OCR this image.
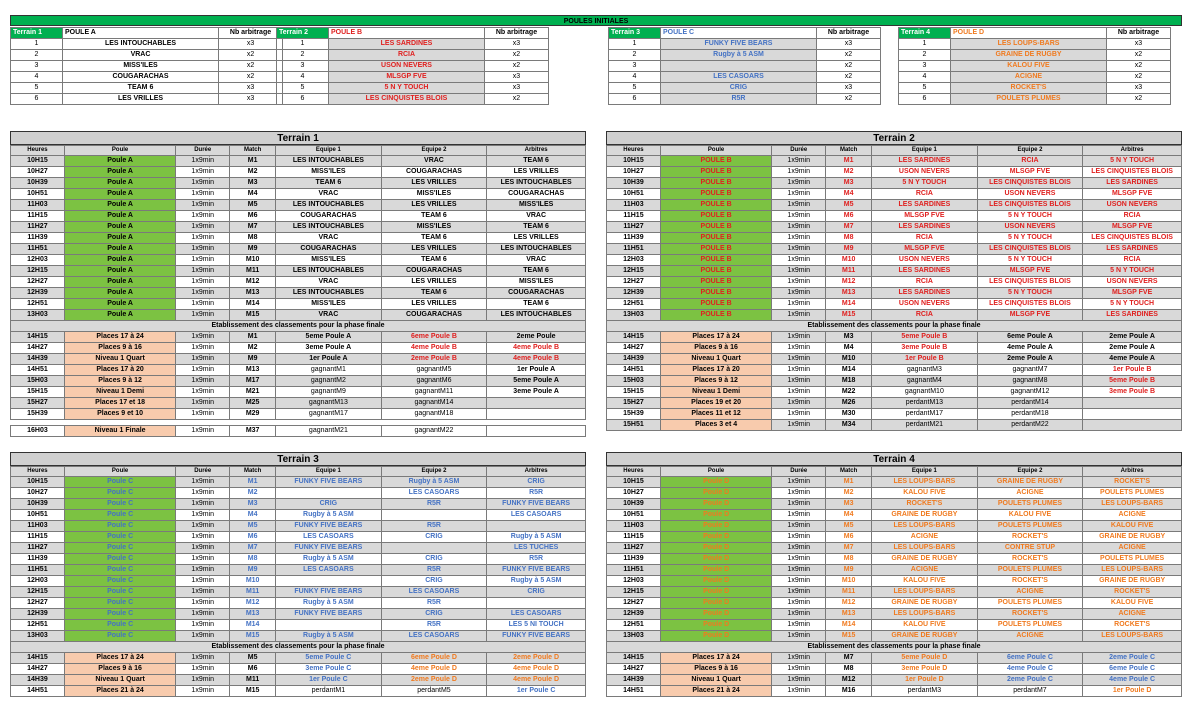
POULES INITIALES
Terrain 1	POULE A	Nb arbitrage
1	LES INTOUCHABLES	x3
2	VRAC	x2
3	MISS'ILES	x2
4	COUGARACHAS	x2
5	TEAM 6	x3
6	LES VRILLES	x3
Terrain 2	POULE B	Nb arbitrage
1	LES SARDINES	x3
2	RCIA	x2
3	USON NEVERS	x2
4	MLSGP FVE	x3
5	5 N Y TOUCH	x3
6	LES CINQUISTES BLOIS	x2
Terrain 3	POULE C	Nb arbitrage
1	FUNKY FIVE BEARS	x3
2	Rugby à 5 ASM	x2
3		x2
4	LES CASOARS	x2
5	CRIG	x3
6	R5R	x2
Terrain 4	POULE D	Nb arbitrage
1	LES LOUPS-BARS	x3
2	GRAINE DE RUGBY	x2
3	KALOU FIVE	x2
4	ACIGNE	x2
5	ROCKET'S	x3
6	POULETS PLUMES	x2
Terrain 1
Heures	Poule	Durée	Match	Equipe 1	Equipe 2	Arbitres
10H15	Poule A	1x9min	M1	LES INTOUCHABLES	VRAC	TEAM 6
10H27	Poule A	1x9min	M2	MISS'ILES	COUGARACHAS	LES VRILLES
10H39	Poule A	1x9min	M3	TEAM 6	LES VRILLES	LES INTOUCHABLES
10H51	Poule A	1x9min	M4	VRAC	MISS'ILES	COUGARACHAS
11H03	Poule A	1x9min	M5	LES INTOUCHABLES	LES VRILLES	MISS'ILES
11H15	Poule A	1x9min	M6	COUGARACHAS	TEAM 6	VRAC
11H27	Poule A	1x9min	M7	LES INTOUCHABLES	MISS'ILES	TEAM 6
11H39	Poule A	1x9min	M8	VRAC	TEAM 6	LES VRILLES
11H51	Poule A	1x9min	M9	COUGARACHAS	LES VRILLES	LES INTOUCHABLES
12H03	Poule A	1x9min	M10	MISS'ILES	TEAM 6	VRAC
12H15	Poule A	1x9min	M11	LES INTOUCHABLES	COUGARACHAS	TEAM 6
12H27	Poule A	1x9min	M12	VRAC	LES VRILLES	MISS'ILES
12H39	Poule A	1x9min	M13	LES INTOUCHABLES	TEAM 6	COUGARACHAS
12H51	Poule A	1x9min	M14	MISS'ILES	LES VRILLES	TEAM 6
13H03	Poule A	1x9min	M15	VRAC	COUGARACHAS	LES INTOUCHABLES
Etablissement des classements pour la phase finale						
14H15	Places 17 à 24	1x9min	M1	5eme Poule A	6eme Poule B	2eme Poule
14H27	Places 9 à 16	1x9min	M2	3eme Poule A	4eme Poule B	4eme Poule B
14H39	Niveau 1 Quart	1x9min	M9	1er Poule A	2eme Poule B	4eme Poule B
14H51	Places 17 à 20	1x9min	M13	gagnantM1	gagnantM5	1er Poule A
15H03	Places 9 à 12	1x9min	M17	gagnantM2	gagnantM6	5eme Poule A
15H15	Niveau 1 Demi	1x9min	M21	gagnantM9	gagnantM11	3eme Poule A
15H27	Places 17 et 18	1x9min	M25	gagnantM13	gagnantM14	
15H39	Places 9 et 10	1x9min	M29	gagnantM17	gagnantM18	

16H03	Niveau 1 Finale	1x9min	M37	gagnantM21	gagnantM22	
Terrain 2
Heures	Poule	Durée	Match	Equipe 1	Equipe 2	Arbitres
10H15	POULE B	1x9min	M1	LES SARDINES	RCIA	5 N Y TOUCH
10H27	POULE B	1x9min	M2	USON NEVERS	MLSGP FVE	LES CINQUISTES BLOIS
10H39	POULE B	1x9min	M3	5 N Y TOUCH	LES CINQUISTES BLOIS	LES SARDINES
10H51	POULE B	1x9min	M4	RCIA	USON NEVERS	MLSGP FVE
11H03	POULE B	1x9min	M5	LES SARDINES	LES CINQUISTES BLOIS	USON NEVERS
11H15	POULE B	1x9min	M6	MLSGP FVE	5 N Y TOUCH	RCIA
11H27	POULE B	1x9min	M7	LES SARDINES	USON NEVERS	MLSGP FVE
11H39	POULE B	1x9min	M8	RCIA	5 N Y TOUCH	LES CINQUISTES BLOIS
11H51	POULE B	1x9min	M9	MLSGP FVE	LES CINQUISTES BLOIS	LES SARDINES
12H03	POULE B	1x9min	M10	USON NEVERS	5 N Y TOUCH	RCIA
12H15	POULE B	1x9min	M11	LES SARDINES	MLSGP FVE	5 N Y TOUCH
12H27	POULE B	1x9min	M12	RCIA	LES CINQUISTES BLOIS	USON NEVERS
12H39	POULE B	1x9min	M13	LES SARDINES	5 N Y TOUCH	MLSGP FVE
12H51	POULE B	1x9min	M14	USON NEVERS	LES CINQUISTES BLOIS	5 N Y TOUCH
13H03	POULE B	1x9min	M15	RCIA	MLSGP FVE	LES SARDINES
Etablissement des classements pour la phase finale						
14H15	Places 17 à 24	1x9min	M3	5eme Poule B	6eme Poule A	2eme Poule A
14H27	Places 9 à 16	1x9min	M4	3eme Poule B	4eme Poule A	2eme Poule A
14H39	Niveau 1 Quart	1x9min	M10	1er Poule B	2eme Poule A	4eme Poule A
14H51	Places 17 à 20	1x9min	M14	gagnantM3	gagnantM7	1er Poule B
15H03	Places 9 à 12	1x9min	M18	gagnantM4	gagnantM8	5eme Poule B
15H15	Niveau 1 Demi	1x9min	M22	gagnantM10	gagnantM12	3eme Poule B
15H27	Places 19 et 20	1x9min	M26	perdantM13	perdantM14	
15H39	Places 11 et 12	1x9min	M30	perdantM17	perdantM18	
15H51	Places 3 et 4	1x9min	M34	perdantM21	perdantM22	
Terrain 3
Heures	Poule	Durée	Match	Equipe 1	Equipe 2	Arbitres
10H15	Poule C	1x9min	M1	FUNKY FIVE BEARS	Rugby à 5 ASM	CRIG
10H27	Poule C	1x9min	M2		LES CASOARS	R5R
10H39	Poule C	1x9min	M3	CRIG	R5R	FUNKY FIVE BEARS
10H51	Poule C	1x9min	M4	Rugby à 5 ASM		LES CASOARS
11H03	Poule C	1x9min	M5	FUNKY FIVE BEARS	R5R	
11H15	Poule C	1x9min	M6	LES CASOARS	CRIG	Rugby à 5 ASM
11H27	Poule C	1x9min	M7	FUNKY FIVE BEARS		LES TUCHES
11H39	Poule C	1x9min	M8	Rugby à 5 ASM	CRIG	R5R
11H51	Poule C	1x9min	M9	LES CASOARS	R5R	FUNKY FIVE BEARS
12H03	Poule C	1x9min	M10		CRIG	Rugby à 5 ASM
12H15	Poule C	1x9min	M11	FUNKY FIVE BEARS	LES CASOARS	CRIG
12H27	Poule C	1x9min	M12	Rugby à 5 ASM	R5R	
12H39	Poule C	1x9min	M13	FUNKY FIVE BEARS	CRIG	LES CASOARS
12H51	Poule C	1x9min	M14		R5R	LES 5 NI TOUCH
13H03	Poule C	1x9min	M15	Rugby à 5 ASM	LES CASOARS	FUNKY FIVE BEARS
Etablissement des classements pour la phase finale						
14H15	Places 17 à 24	1x9min	M5	5eme Poule C	6eme Poule D	2eme Poule D
14H27	Places 9 à 16	1x9min	M6	3eme Poule C	4eme Poule D	4eme Poule D
14H39	Niveau 1 Quart	1x9min	M11	1er Poule C	2eme Poule D	4eme Poule D
14H51	Places 21 à 24	1x9min	M15	perdantM1	perdantM5	1er Poule C
Terrain 4
Heures	Poule	Durée	Match	Equipe 1	Equipe 2	Arbitres
10H15	Poule D	1x9min	M1	LES LOUPS-BARS	GRAINE DE RUGBY	ROCKET'S
10H27	Poule D	1x9min	M2	KALOU FIVE	ACIGNE	POULETS PLUMES
10H39	Poule D	1x9min	M3	ROCKET'S	POULETS PLUMES	LES LOUPS-BARS
10H51	Poule D	1x9min	M4	GRAINE DE RUGBY	KALOU FIVE	ACIGNE
11H03	Poule D	1x9min	M5	LES LOUPS-BARS	POULETS PLUMES	KALOU FIVE
11H15	Poule D	1x9min	M6	ACIGNE	ROCKET'S	GRAINE DE RUGBY
11H27	Poule D	1x9min	M7	LES LOUPS-BARS	CONTRE STUP	ACIGNE
11H39	Poule D	1x9min	M8	GRAINE DE RUGBY	ROCKET'S	POULETS PLUMES
11H51	Poule D	1x9min	M9	ACIGNE	POULETS PLUMES	LES LOUPS-BARS
12H03	Poule D	1x9min	M10	KALOU FIVE	ROCKET'S	GRAINE DE RUGBY
12H15	Poule D	1x9min	M11	LES LOUPS-BARS	ACIGNE	ROCKET'S
12H27	Poule D	1x9min	M12	GRAINE DE RUGBY	POULETS PLUMES	KALOU FIVE
12H39	Poule D	1x9min	M13	LES LOUPS-BARS	ROCKET'S	ACIGNE
12H51	Poule D	1x9min	M14	KALOU FIVE	POULETS PLUMES	ROCKET'S
13H03	Poule D	1x9min	M15	GRAINE DE RUGBY	ACIGNE	LES LOUPS-BARS
Etablissement des classements pour la phase finale						
14H15	Places 17 à 24	1x9min	M7	5eme Poule D	6eme Poule C	2eme Poule C
14H27	Places 9 à 16	1x9min	M8	3eme Poule D	4eme Poule C	6eme Poule C
14H39	Niveau 1 Quart	1x9min	M12	1er Poule D	2eme Poule C	4eme Poule C
14H51	Places 21 à 24	1x9min	M16	perdantM3	perdantM7	1er Poule D
